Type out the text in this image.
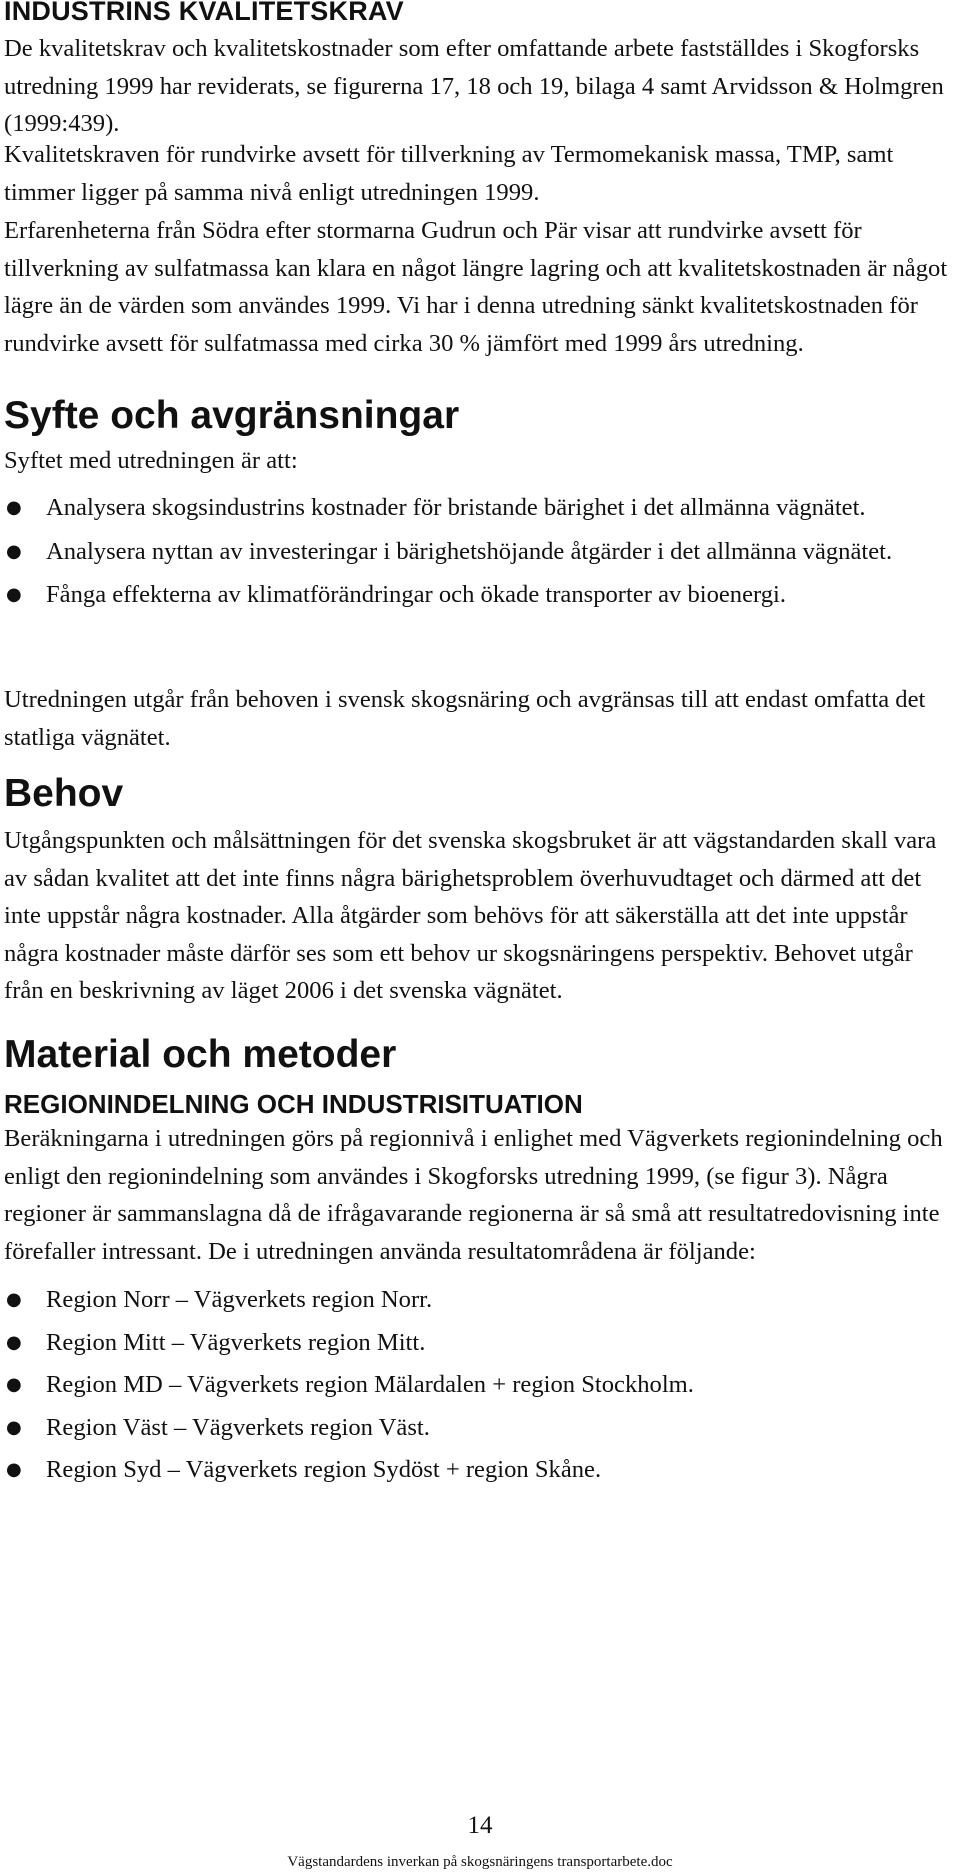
INDUSTRINS KVALITETSKRAV

De kvalitetskrav och kvalitetskostnader som efter omfattande arbete fastställdes i Skogforsks utredning 1999 har reviderats, se figurerna 17, 18 och 19, bilaga 4 samt Arvidsson & Holmgren (1999:439).

Kvalitetskraven för rundvirke avsett för tillverkning av Termomekanisk massa, TMP, samt timmer ligger på samma nivå enligt utredningen 1999.

Erfarenheterna från Södra efter stormarna Gudrun och Pär visar att rundvirke avsett för tillverkning av sulfatmassa kan klara en något längre lagring och att kvalitetskostnaden är något lägre än de värden som användes 1999. Vi har i denna utredning sänkt kvalitetskostnaden för rundvirke avsett för sulfatmassa med cirka 30 % jämfört med 1999 års utredning.

Syfte och avgränsningar

Syftet med utredningen är att:

● Analysera skogsindustrins kostnader för bristande bärighet i det allmänna vägnätet.
● Analysera nyttan av investeringar i bärighetshöjande åtgärder i det allmänna vägnätet.
● Fånga effekterna av klimatförändringar och ökade transporter av bioenergi.

Utredningen utgår från behoven i svensk skogsnäring och avgränsas till att endast omfatta det statliga vägnätet.

Behov

Utgångspunkten och målsättningen för det svenska skogsbruket är att vägstandarden skall vara av sådan kvalitet att det inte finns några bärighetsproblem överhuvudtaget och därmed att det inte uppstår några kostnader. Alla åtgärder som behövs för att säkerställa att det inte uppstår några kostnader måste därför ses som ett behov ur skogsnäringens perspektiv. Behovet utgår från en beskrivning av läget 2006 i det svenska vägnätet.

Material och metoder
REGIONINDELNING OCH INDUSTRISITUATION

Beräkningarna i utredningen görs på regionnivå i enlighet med Vägverkets regionindelning och enligt den regionindelning som användes i Skogforsks utredning 1999, (se figur 3). Några regioner är sammanslagna då de ifrågavarande regionerna är så små att resultatredovisning inte förefaller intressant. De i utredningen använda resultatområdena är följande:

● Region Norr – Vägverkets region Norr.
● Region Mitt – Vägverkets region Mitt.
● Region MD – Vägverkets region Mälardalen + region Stockholm.
● Region Väst – Vägverkets region Väst.
● Region Syd – Vägverkets region Sydöst + region Skåne.
14
Vägstandardens inverkan på skogsnäringens transportarbete.doc
